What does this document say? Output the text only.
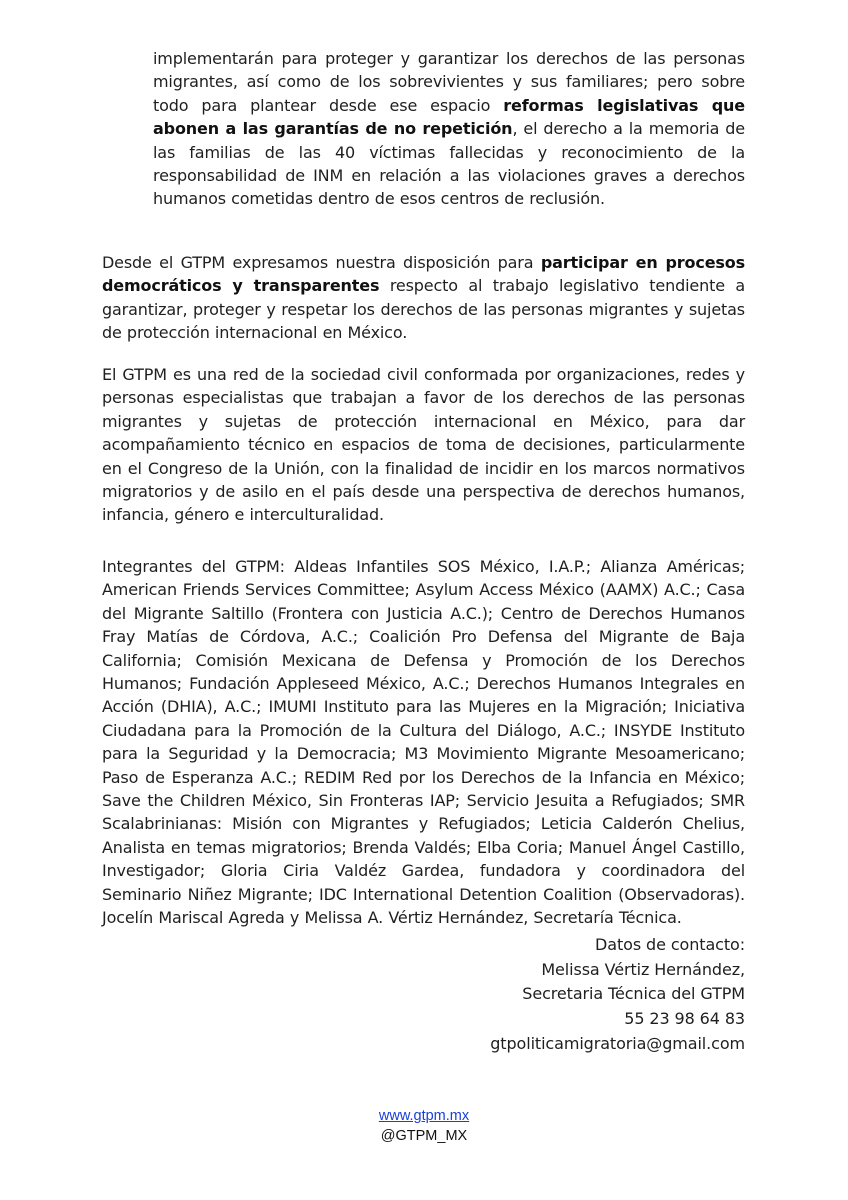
implementarán para proteger y garantizar los derechos de las personas migrantes, así como de los sobrevivientes y sus familiares; pero sobre todo para plantear desde ese espacio reformas legislativas que abonen a las garantías de no repetición, el derecho a la memoria de las familias de las 40 víctimas fallecidas y reconocimiento de la responsabilidad de INM en relación a las violaciones graves a derechos humanos cometidas dentro de esos centros de reclusión.

Desde el GTPM expresamos nuestra disposición para participar en procesos democráticos y transparentes respecto al trabajo legislativo tendiente a garantizar, proteger y respetar los derechos de las personas migrantes y sujetas de protección internacional en México.

El GTPM es una red de la sociedad civil conformada por organizaciones, redes y personas especialistas que trabajan a favor de los derechos de las personas migrantes y sujetas de protección internacional en México, para dar acompañamiento técnico en espacios de toma de decisiones, particularmente en el Congreso de la Unión, con la finalidad de incidir en los marcos normativos migratorios y de asilo en el país desde una perspectiva de derechos humanos, infancia, género e interculturalidad.

Integrantes del GTPM: Aldeas Infantiles SOS México, I.A.P.; Alianza Américas; American Friends Services Committee; Asylum Access México (AAMX) A.C.; Casa del Migrante Saltillo (Frontera con Justicia A.C.); Centro de Derechos Humanos Fray Matías de Córdova, A.C.; Coalición Pro Defensa del Migrante de Baja California; Comisión Mexicana de Defensa y Promoción de los Derechos Humanos; Fundación Appleseed México, A.C.; Derechos Humanos Integrales en Acción (DHIA), A.C.; IMUMI Instituto para las Mujeres en la Migración; Iniciativa Ciudadana para la Promoción de la Cultura del Diálogo, A.C.; INSYDE Instituto para la Seguridad y la Democracia; M3 Movimiento Migrante Mesoamericano; Paso de Esperanza A.C.; REDIM Red por los Derechos de la Infancia en México; Save the Children México, Sin Fronteras IAP; Servicio Jesuita a Refugiados; SMR Scalabrinianas: Misión con Migrantes y Refugiados; Leticia Calderón Chelius, Analista en temas migratorios; Brenda Valdés; Elba Coria; Manuel Ángel Castillo, Investigador; Gloria Ciria Valdéz Gardea, fundadora y coordinadora del Seminario Niñez Migrante; IDC International Detention Coalition (Observadoras). Jocelín Mariscal Agreda y Melissa A. Vértiz Hernández, Secretaría Técnica.

Datos de contacto:
Melissa Vértiz Hernández,
Secretaria Técnica del GTPM
55 23 98 64 83
gtpoliticamigratoria@gmail.com
www.gtpm.mx
@GTPM_MX
